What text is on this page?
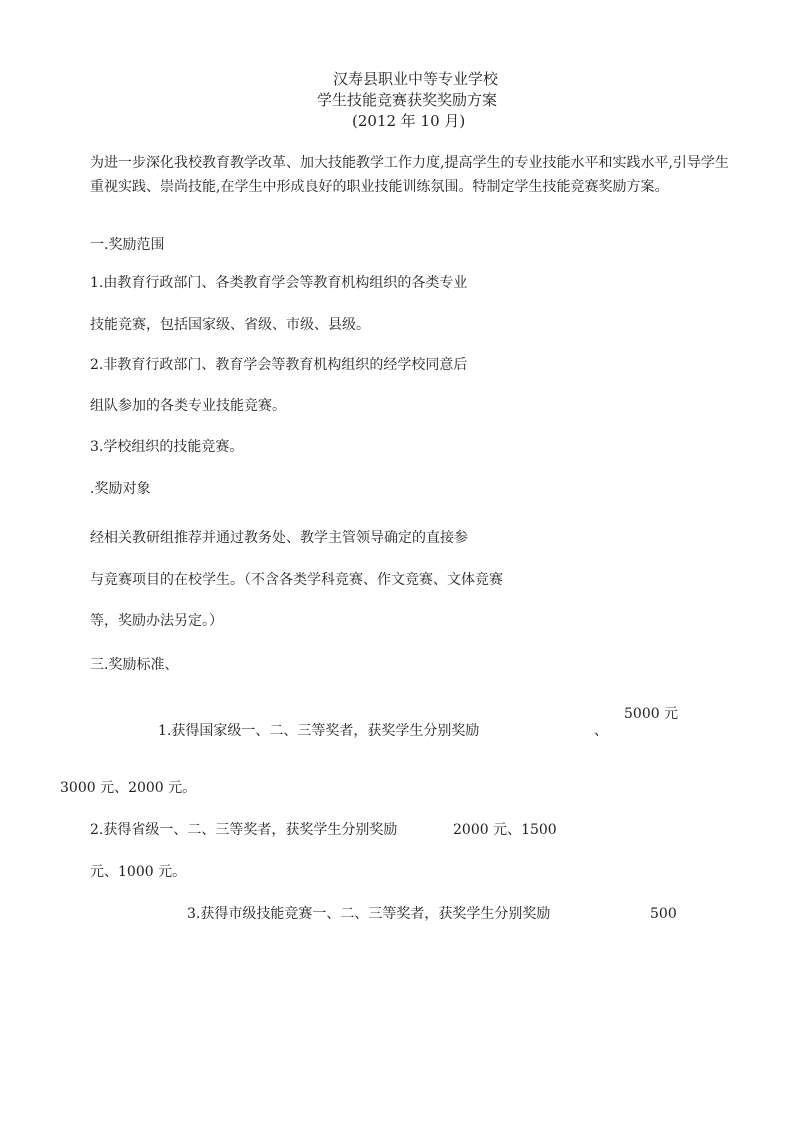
汉寿县职业中等专业学校
学生技能竞赛获奖奖励方案
(2012 年 10 月)
为进一步深化我校教育教学改革、加大技能教学工作力度,提高学生的专业技能水平和实践水平,引导学生重视实践、崇尚技能,在学生中形成良好的职业技能训练氛围。特制定学生技能竞赛奖励方案。
一.奖励范围
1.由教育行政部门、各类教育学会等教育机构组织的各类专业
技能竞赛，包括国家级、省级、市级、县级。
2.非教育行政部门、教育学会等教育机构组织的经学校同意后
组队参加的各类专业技能竞赛。
3.学校组织的技能竞赛。
.奖励对象
经相关教研组推荐并通过教务处、教学主管领导确定的直接参
与竞赛项目的在校学生。（不含各类学科竞赛、作文竞赛、文体竞赛
等，奖励办法另定。）
三.奖励标准、
5000 元
1.获得国家级一、二、三等奖者，获奖学生分别奖励	、
3000 元、2000 元。
2.获得省级一、二、三等奖者，获奖学生分别奖励	2000 元、1500
元、1000 元。
3.获得市级技能竞赛一、二、三等奖者，获奖学生分别奖励	500
